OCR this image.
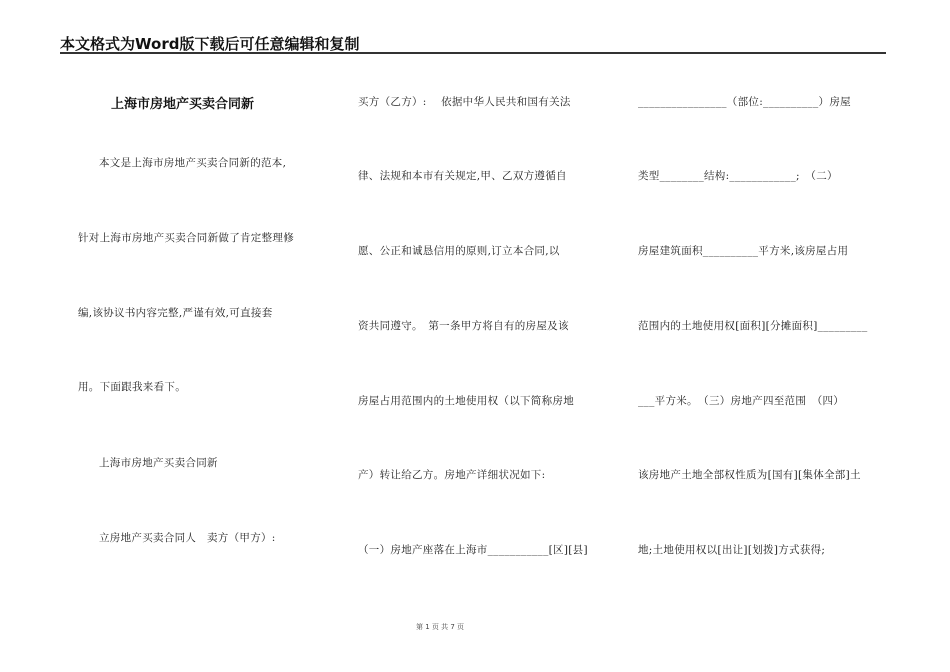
本文格式为Word版下载后可任意编辑和复制
上海市房地产买卖合同新
本文是上海市房地产买卖合同新的范本,
针对上海市房地产买卖合同新做了肯定整理修
编,该协议书内容完整,严谨有效,可直接套
用。下面跟我来看下。
上海市房地产买卖合同新
立房地产买卖合同人　卖方（甲方）:
买方（乙方）:　 依据中华人民共和国有关法
律、法规和本市有关规定,甲、乙双方遵循自
愿、公正和诚恳信用的原则,订立本合同,以
资共同遵守。　第一条甲方将自有的房屋及该
房屋占用范围内的土地使用权（以下简称房地
产）转让给乙方。房地产详细状况如下:
（一）房地产座落在上海市___________[区][县]
________________（部位:__________）房屋
类型________结构:____________;　（二）
房屋建筑面积__________平方米,该房屋占用
范围内的土地使用权[面积][分摊面积]_________
___平方米。　（三）房地产四至范围　（四）
该房地产土地全部权性质为[国有][集体全部]土
地;土地使用权以[出让][划拨]方式获得;
第 1 页 共 7 页
